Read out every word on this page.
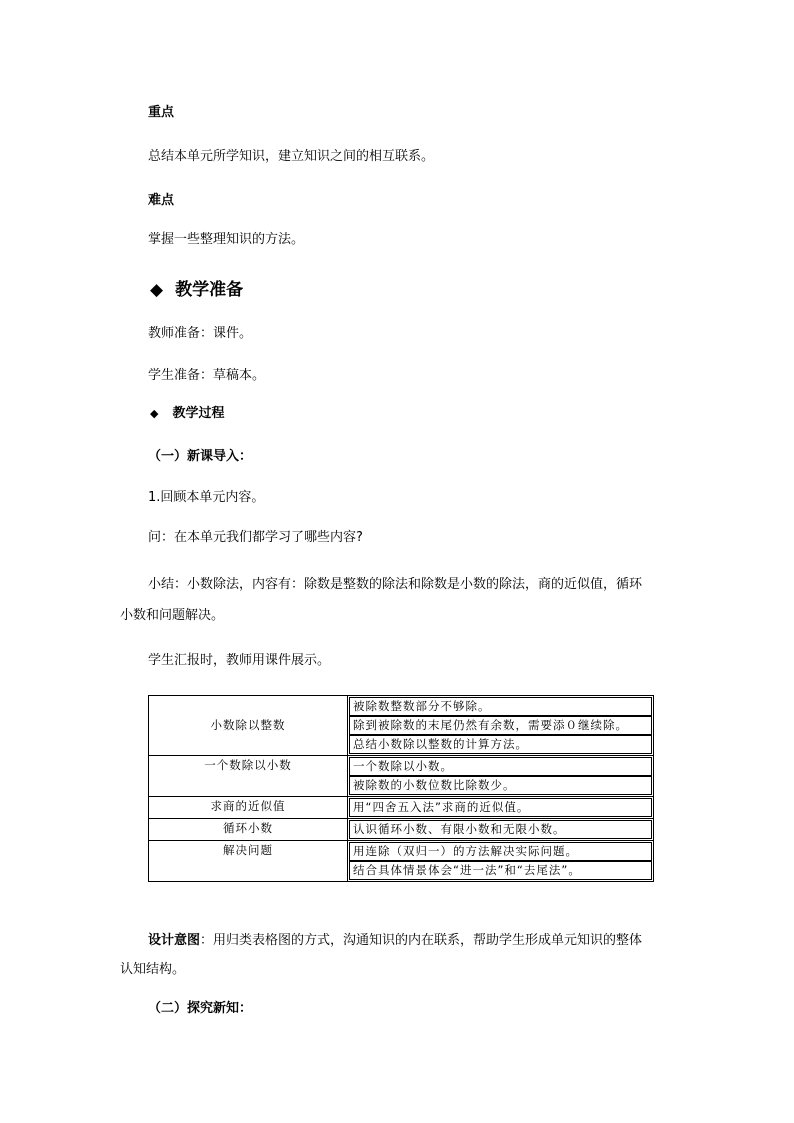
重点
总结本单元所学知识，建立知识之间的相互联系。
难点
掌握一些整理知识的方法。
◆ 教学准备
教师准备：课件。
学生准备：草稿本。
◆ 教学过程
（一）新课导入：
1.回顾本单元内容。
问：在本单元我们都学习了哪些内容?
小结：小数除法，内容有：除数是整数的除法和除数是小数的除法，商的近似值，循环
小数和问题解决。
学生汇报时，教师用课件展示。
小数除以整数	被除数整数部分不够除。
除到被除数的末尾仍然有余数，需要添０继续除。
总结小数除以整数的计算方法。

一个数除以小数	一个数除以小数。
被除数的小数位数比除数少。

求商的近似值	用“四舍五入法”求商的近似值。

循环小数	认识循环小数、有限小数和无限小数。

解决问题	用连除（双归一）的方法解决实际问题。
结合具体情景体会“进一法”和“去尾法”。
设计意图：用归类表格图的方式，沟通知识的内在联系，帮助学生形成单元知识的整体
认知结构。
（二）探究新知：
